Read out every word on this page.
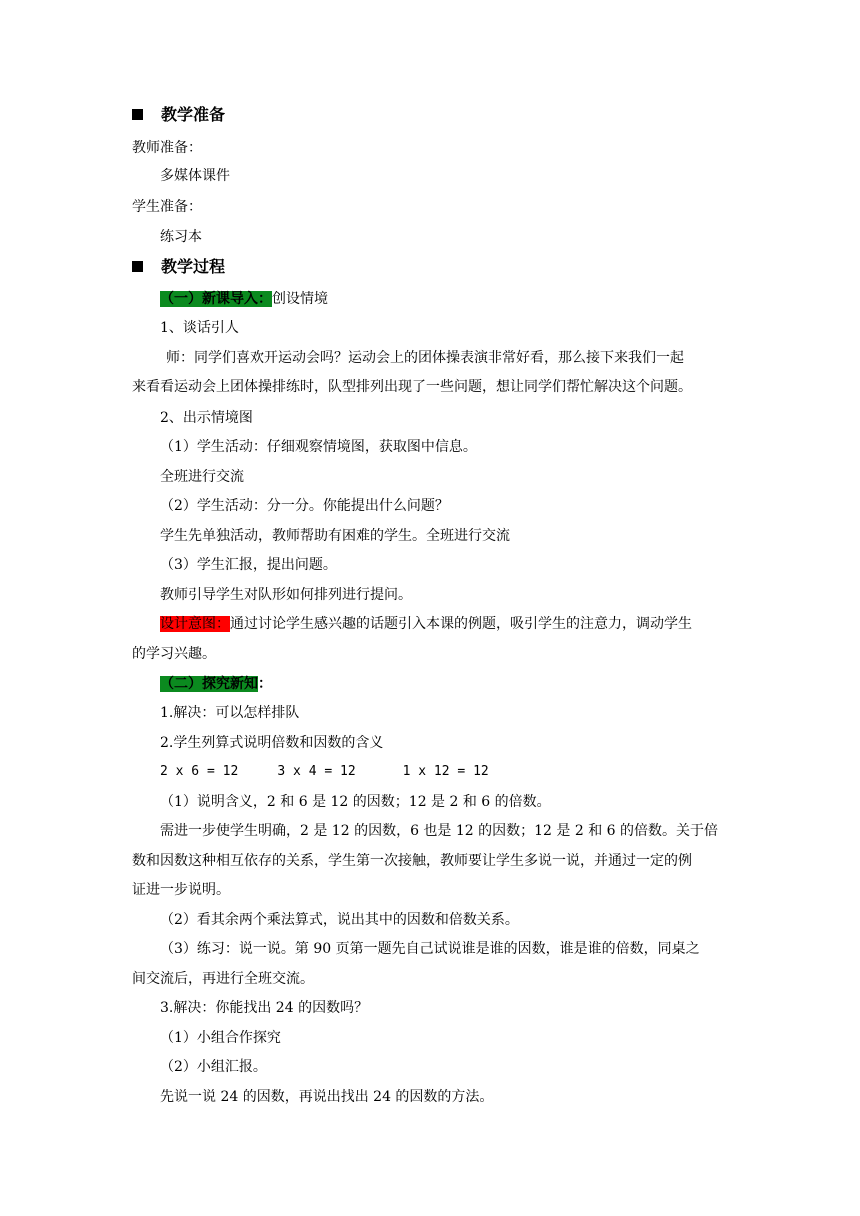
教学准备
教师准备：
多媒体课件
学生准备：
练习本
教学过程
（一）新课导入：创设情境
1、谈话引人
师：同学们喜欢开运动会吗？运动会上的团体操表演非常好看，那么接下来我们一起
来看看运动会上团体操排练时，队型排列出现了一些问题，想让同学们帮忙解决这个问题。
2、出示情境图
（1）学生活动：仔细观察情境图，获取图中信息。
全班进行交流
（2）学生活动：分一分。你能提出什么问题？
学生先单独活动，教师帮助有困难的学生。全班进行交流
（3）学生汇报，提出问题。
教师引导学生对队形如何排列进行提问。
设计意图：通过讨论学生感兴趣的话题引入本课的例题，吸引学生的注意力，调动学生
的学习兴趣。
（二）探究新知：
1.解决：可以怎样排队
2.学生列算式说明倍数和因数的含义
2 x 6 = 12     3 x 4 = 12      1 x 12 = 12
（1）说明含义，2 和 6 是 12 的因数；12 是 2 和 6 的倍数。
需进一步使学生明确，2 是 12 的因数，6 也是 12 的因数；12 是 2 和 6 的倍数。关于倍
数和因数这种相互依存的关系，学生第一次接触，教师要让学生多说一说，并通过一定的例
证进一步说明。
（2）看其余两个乘法算式，说出其中的因数和倍数关系。
（3）练习：说一说。第 90 页第一题先自己试说谁是谁的因数，谁是谁的倍数，同桌之
间交流后，再进行全班交流。
3.解决：你能找出 24 的因数吗？
（1）小组合作探究
（2）小组汇报。
先说一说 24 的因数，再说出找出 24 的因数的方法。
